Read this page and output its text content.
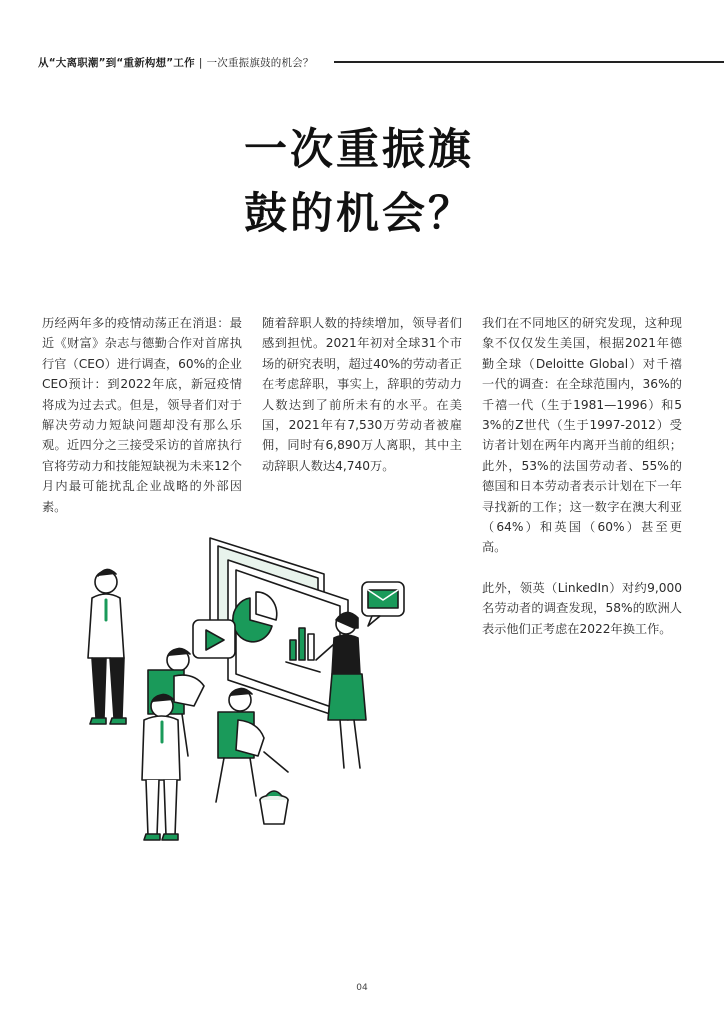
从“大离职潮”到“重新构想”工作 | 一次重振旗鼓的机会？
一次重振旗
鼓的机会？

历经两年多的疫情动荡正在消退：最近《财富》杂志与德勤合作对首席执行官（CEO）进行调查，60%的企业CEO预计：到2022年底，新冠疫情将成为过去式。但是，领导者们对于解决劳动力短缺问题却没有那么乐观。近四分之三接受采访的首席执行官将劳动力和技能短缺视为未来12个月内最可能扰乱企业战略的外部因素。

随着辞职人数的持续增加，领导者们感到担忧。2021年初对全球31个市场的研究表明，超过40%的劳动者正在考虑辞职，事实上，辞职的劳动力人数达到了前所未有的水平。在美国，2021年有7,530万劳动者被雇佣，同时有6,890万人离职，其中主动辞职人数达4,740万。

我们在不同地区的研究发现，这种现象不仅仅发生美国，根据2021年德勤全球（Deloitte Global）对千禧一代的调查：在全球范围内，36%的千禧一代（生于1981—1996）和53%的Z世代（生于1997-2012）受访者计划在两年内离开当前的组织；此外，53%的法国劳动者、55%的德国和日本劳动者表示计划在下一年寻找新的工作；这一数字在澳大利亚（64%）和英国（60%）甚至更高。

此外，领英（LinkedIn）对约9,000名劳动者的调查发现，58%的欧洲人表示他们正考虑在2022年换工作。

04
